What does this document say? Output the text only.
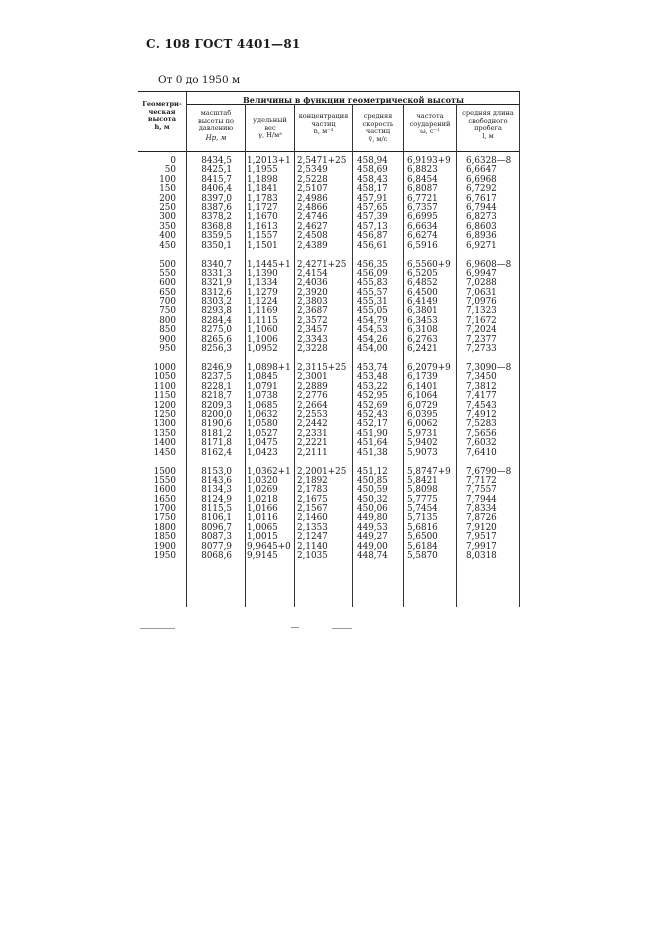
С. 108 ГОСТ 4401—81
От 0 до 1950 м
Величины в функции геометрической высоты
Геометри-
ческая
высота
h, м
масштаб
высоты по
давлению
Hp, м
удельный
вес
γ, Н/м³
концентрация
частиц
n, м⁻³
средняя
скорость
частиц
v̄, м/с
частота
соударений
ω, с⁻¹
средняя длина
свободного
пробега
l, м
0
50
100
150
200
250
300
350
400
450
500
550
600
650
700
750
800
850
900
950
1000
1050
1100
1150
1200
1250
1300
1350
1400
1450
1500
1550
1600
1650
1700
1750
1800
1850
1900
1950
8434,5
8425,1
8415,7
8406,4
8397,0
8387,6
8378,2
8368,8
8359,5
8350,1
8340,7
8331,3
8321,9
8312,6
8303,2
8293,8
8284,4
8275,0
8265,6
8256,3
8246,9
8237,5
8228,1
8218,7
8209,3
8200,0
8190,6
8181,2
8171,8
8162,4
8153,0
8143,6
8134,3
8124,9
8115,5
8106,1
8096,7
8087,3
8077,9
8068,6
1,2013+1
1,1955
1,1898
1,1841
1,1783
1,1727
1,1670
1,1613
1,1557
1,1501
1,1445+1
1,1390
1,1334
1,1279
1,1224
1,1169
1,1115
1,1060
1,1006
1,0952
1,0898+1
1,0845
1,0791
1,0738
1,0685
1,0632
1,0580
1,0527
1,0475
1,0423
1,0362+1
1,0320
1,0269
1,0218
1,0166
1,0116
1,0065
1,0015
9,9645+0
9,9145
2,5471+25
2,5349
2,5228
2,5107
2,4986
2,4866
2,4746
2,4627
2,4508
2,4389
2,4271+25
2,4154
2,4036
2,3920
2,3803
2,3687
2,3572
2,3457
2,3343
2,3228
2,3115+25
2,3001
2,2889
2,2776
2,2664
2,2553
2,2442
2,2331
2,2221
2,2111
2,2001+25
2,1892
2,1783
2,1675
2,1567
2,1460
2,1353
2,1247
2,1140
2,1035
458,94
458,69
458,43
458,17
457,91
457,65
457,39
457,13
456,87
456,61
456,35
456,09
455,83
455,57
455,31
455,05
454,79
454,53
454,26
454,00
453,74
453,48
453,22
452,95
452,69
452,43
452,17
451,90
451,64
451,38
451,12
450,85
450,59
450,32
450,06
449,80
449,53
449,27
449,00
448,74
6,9193+9
6,8823
6,8454
6,8087
6,7721
6,7357
6,6995
6,6634
6,6274
6,5916
6,5560+9
6,5205
6,4852
6,4500
6,4149
6,3801
6,3453
6,3108
6,2763
6,2421
6,2079+9
6,1739
6,1401
6,1064
6,0729
6,0395
6,0062
5,9731
5,9402
5,9073
5,8747+9
5,8421
5,8098
5,7775
5,7454
5,7135
5,6816
5,6500
5,6184
5,5870
6,6328—8
6,6647
6,6968
6,7292
6,7617
6,7944
6,8273
6,8603
6,8936
6,9271
6,9608—8
6,9947
7,0288
7,0631
7,0976
7,1323
7,1672
7,2024
7,2377
7,2733
7,3090—8
7,3450
7,3812
7,4177
7,4543
7,4912
7,5283
7,5656
7,6032
7,6410
7,6790—8
7,7172
7,7557
7,7944
7,8334
7,8726
7,9120
7,9517
7,9917
8,0318
